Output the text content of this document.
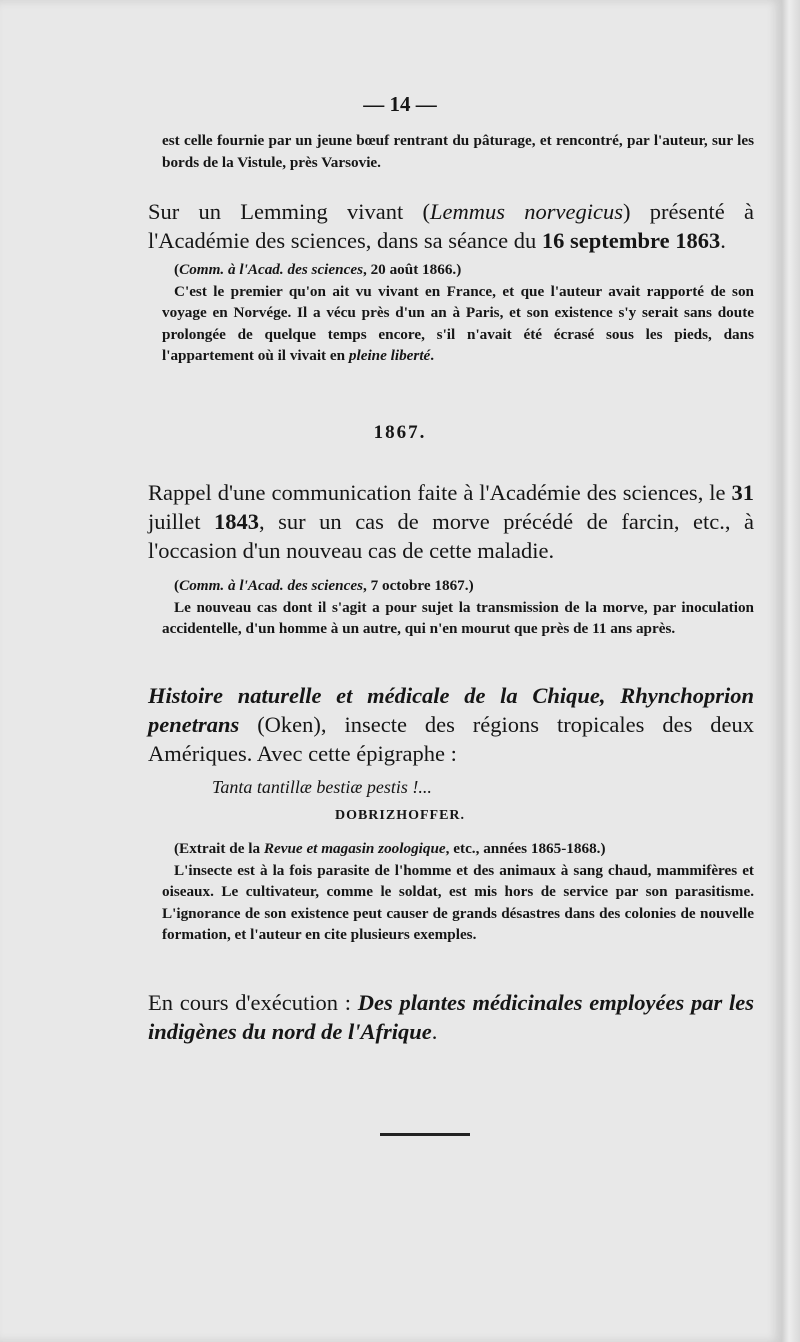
— 14 —
est celle fournie par un jeune bœuf rentrant du pâturage, et rencontré, par l'auteur, sur les bords de la Vistule, près Varsovie.
Sur un Lemming vivant (Lemmus norvegicus) présenté à l'Académie des sciences, dans sa séance du 16 septembre 1863.
(Comm. à l'Acad. des sciences, 20 août 1866.)
C'est le premier qu'on ait vu vivant en France, et que l'auteur avait rapporté de son voyage en Norvége. Il a vécu près d'un an à Paris, et son existence s'y serait sans doute prolongée de quelque temps encore, s'il n'avait été écrasé sous les pieds, dans l'appartement où il vivait en pleine liberté.
1867.
Rappel d'une communication faite à l'Académie des sciences, le 31 juillet 1843, sur un cas de morve précédé de farcin, etc., à l'occasion d'un nouveau cas de cette maladie.
(Comm. à l'Acad. des sciences, 7 octobre 1867.)
Le nouveau cas dont il s'agit a pour sujet la transmission de la morve, par inoculation accidentelle, d'un homme à un autre, qui n'en mourut que près de 11 ans après.
Histoire naturelle et médicale de la Chique, Rhynchoprion penetrans (Oken), insecte des régions tropicales des deux Amériques. Avec cette épigraphe :
Tanta tantillæ bestiæ pestis !...
DOBRIZHOFFER.
(Extrait de la Revue et magasin zoologique, etc., années 1865-1868.)
L'insecte est à la fois parasite de l'homme et des animaux à sang chaud, mammifères et oiseaux. Le cultivateur, comme le soldat, est mis hors de service par son parasitisme. L'ignorance de son existence peut causer de grands désastres dans des colonies de nouvelle formation, et l'auteur en cite plusieurs exemples.
En cours d'exécution : Des plantes médicinales employées par les indigènes du nord de l'Afrique.
